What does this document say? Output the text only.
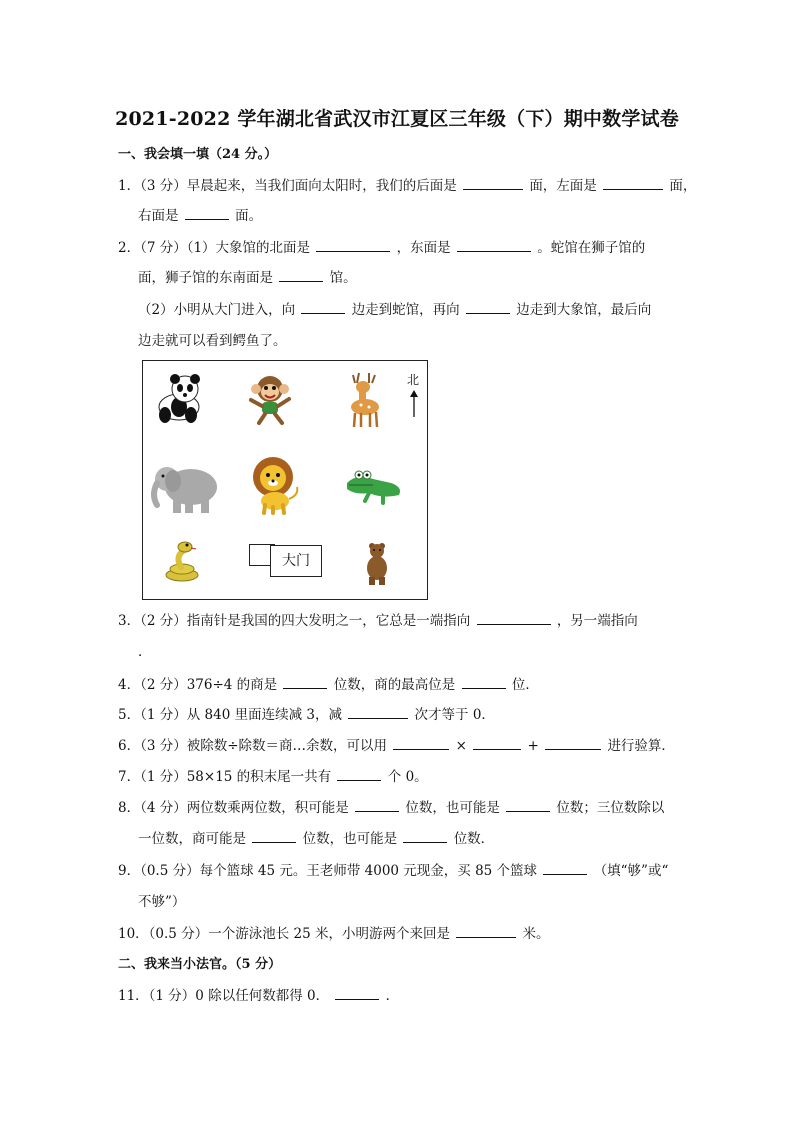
2021-2022 学年湖北省武汉市江夏区三年级（下）期中数学试卷
一、我会填一填（24 分。）
1．（3 分）早晨起来，当我们面向太阳时，我们的后面是	面，左面是	面，
右面是	面。
2．（7 分）（1）大象馆的北面是	，东面是	。蛇馆在狮子馆的
面，狮子馆的东南面是	馆。
（2）小明从大门进入，向	边走到蛇馆，再向	边走到大象馆，最后向
边走就可以看到鳄鱼了。
北
大门
3．（2 分）指南针是我国的四大发明之一，它总是一端指向	，另一端指向
．
4．（2 分）376÷4 的商是	位数，商的最高位是	位．
5．（1 分）从 840 里面连续减 3，减	次才等于 0．
6．（3 分）被除数÷除数＝商…余数，可以用	×	+	进行验算．
7．（1 分）58×15 的积末尾一共有	个 0。
8．（4 分）两位数乘两位数，积可能是	位数，也可能是	位数；三位数除以
一位数，商可能是	位数，也可能是	位数．
9．（0.5 分）每个篮球 45 元。王老师带 4000 元现金，买 85 个篮球	（填“够”或“
不够”）
10．（0.5 分）一个游泳池长 25 米，小明游两个来回是	米。
二、我来当小法官。（5 分）
11．（1 分）0 除以任何数都得 0．	．
